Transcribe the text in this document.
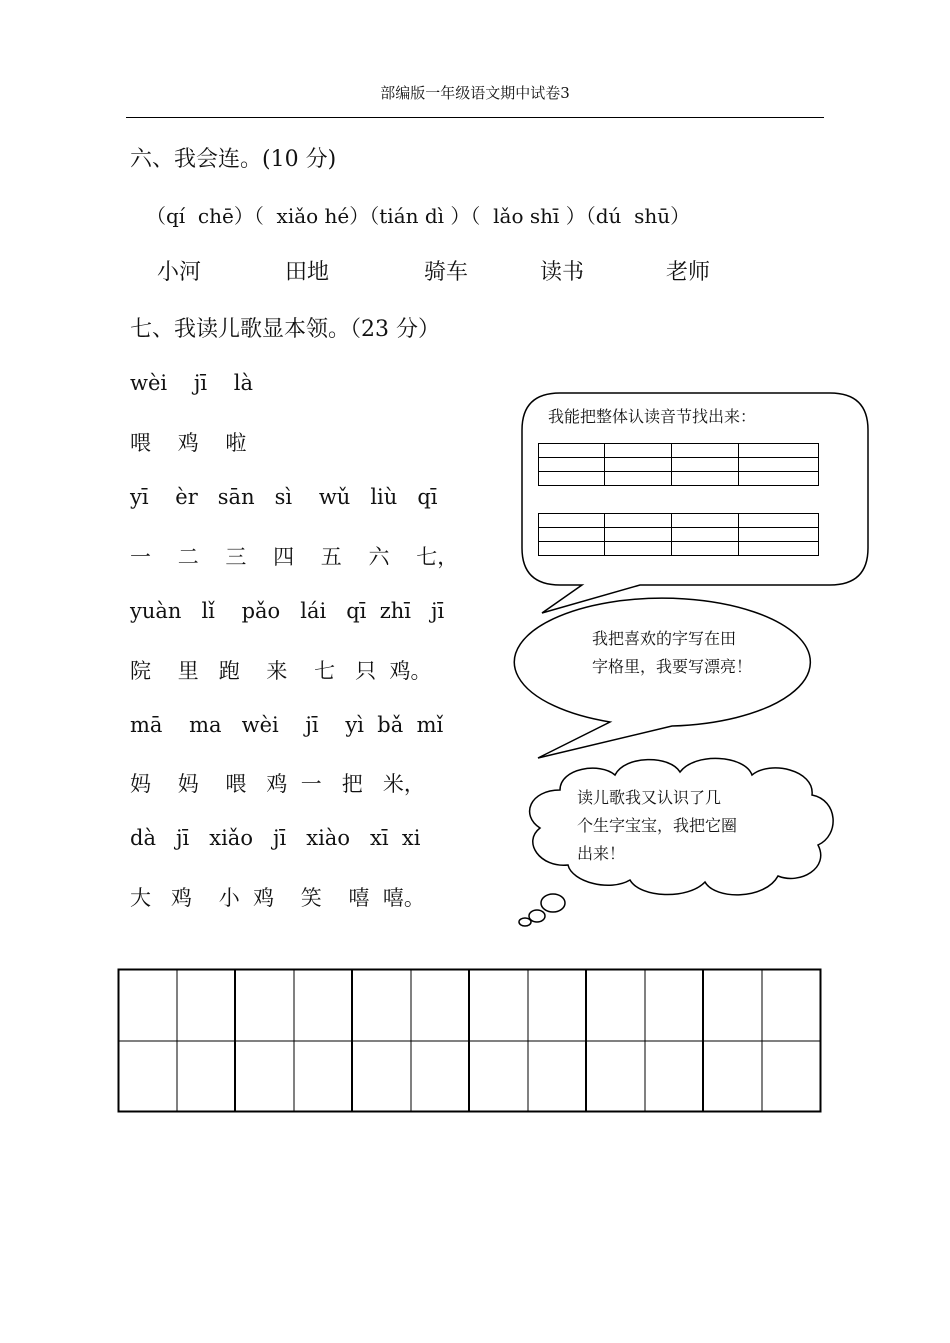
部编版一年级语文期中试卷3
六、我会连。(10 分)
（qí  chē）（  xiǎo hé）（tián dì ）（  lǎo shī ）（dú  shū）
小河	田地	骑车	读书	老师
七、我读儿歌显本领。（23 分）
wèi    jī    là
喂    鸡    啦
yī    èr   sān   sì    wǔ   liù   qī
一    二    三    四    五    六    七，
yuàn   lǐ    pǎo   lái   qī  zhī   jī
院    里   跑    来    七   只  鸡。
mā    ma   wèi    jī    yì  bǎ  mǐ
妈    妈    喂   鸡  一   把   米，
dà   jī   xiǎo   jī   xiào   xī  xi
大   鸡    小  鸡    笑    嘻  嘻。
我能把整体认读音节找出来：

我把喜欢的字写在田
字格里，我要写漂亮！
读儿歌我又认识了几
个生字宝宝，我把它圈
出来！
